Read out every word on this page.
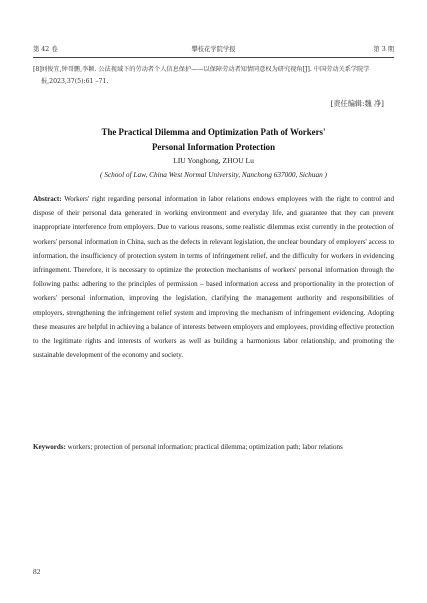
第 42 卷	攀枝花学院学报	第 3 期
[8] 刘俊宜,钟哥鹏,李颖. 公法视域下的劳动者个人信息保护——以保障劳动者知情同意权为研究视角[J]. 中国劳动关系学院学报,2023,37(5):61 –71.
[责任编辑:魏 净]
The Practical Dilemma and Optimization Path of Workers'
Personal Information Protection
LIU Yonghong, ZHOU Lu
( School of Law, China West Normal University, Nanchong 637000, Sichuan )
Abstract: Workers' right regarding personal information in labor relations endows employees with the right to control and dispose of their personal data generated in working environment and everyday life, and guarantee that they can prevent inappropriate interference from employers. Due to various reasons, some realistic dilemmas exist currently in the protection of workers' personal information in China, such as the defects in relevant legislation, the unclear boundary of employers' access to information, the insufficiency of protection system in terms of infringement relief, and the difficulty for workers in evidencing infringement. Therefore, it is necessary to optimize the protection mechanisms of workers' personal information through the following paths: adhering to the principles of permission – based information access and proportionality in the protection of workers' personal information, improving the legislation, clarifying the management authority and responsibilities of employers, strengthening the infringement relief system and improving the mechanism of infringement evidencing. Adopting these measures are helpful in achieving a balance of interests between employers and employees, providing effective protection to the legitimate rights and interests of workers as well as building a harmonious labor relationship, and promoting the sustainable development of the economy and society.
Keywords: workers; protection of personal information; practical dilemma; optimization path; labor relations
82
